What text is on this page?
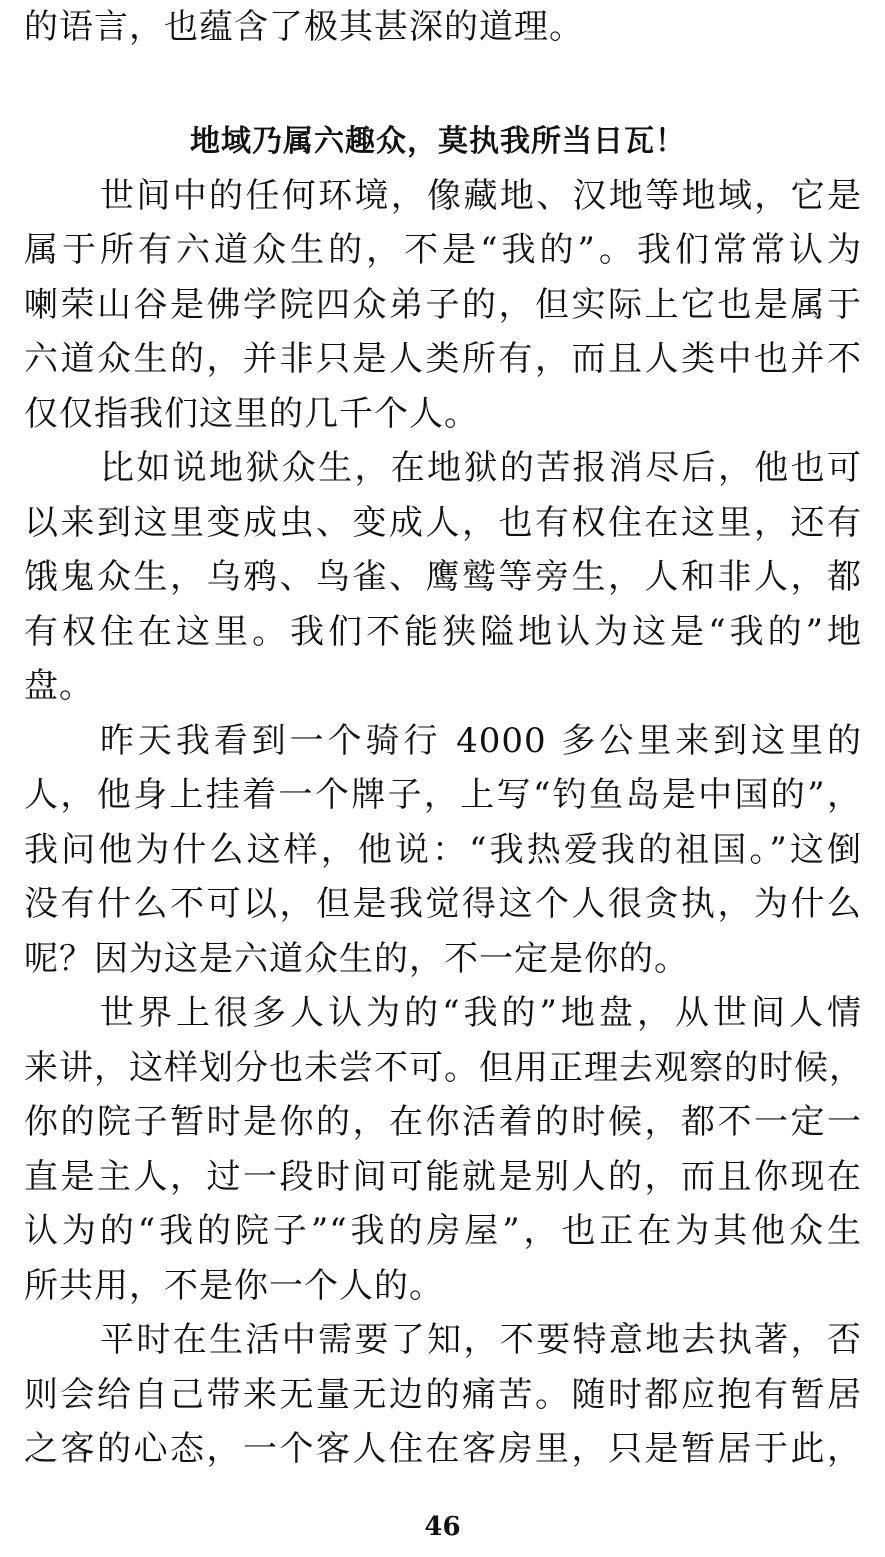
的语言，也蕴含了极其甚深的道理。
地域乃属六趣众，莫执我所当日瓦！
世间中的任何环境，像藏地、汉地等地域，它是
属于所有六道众生的，不是“我的”。我们常常认为
喇荣山谷是佛学院四众弟子的，但实际上它也是属于
六道众生的，并非只是人类所有，而且人类中也并不
仅仅指我们这里的几千个人。
比如说地狱众生，在地狱的苦报消尽后，他也可
以来到这里变成虫、变成人，也有权住在这里，还有
饿鬼众生，乌鸦、鸟雀、鹰鹫等旁生，人和非人，都
有权住在这里。我们不能狭隘地认为这是“我的”地
盘。
昨天我看到一个骑行 4000 多公里来到这里的
人，他身上挂着一个牌子，上写“钓鱼岛是中国的”，
我问他为什么这样，他说：“我热爱我的祖国。”这倒
没有什么不可以，但是我觉得这个人很贪执，为什么
呢？因为这是六道众生的，不一定是你的。
世界上很多人认为的“我的”地盘，从世间人情
来讲，这样划分也未尝不可。但用正理去观察的时候，
你的院子暂时是你的，在你活着的时候，都不一定一
直是主人，过一段时间可能就是别人的，而且你现在
认为的“我的院子”“我的房屋”，也正在为其他众生
所共用，不是你一个人的。
平时在生活中需要了知，不要特意地去执著，否
则会给自己带来无量无边的痛苦。随时都应抱有暂居
之客的心态，一个客人住在客房里，只是暂居于此，
46
